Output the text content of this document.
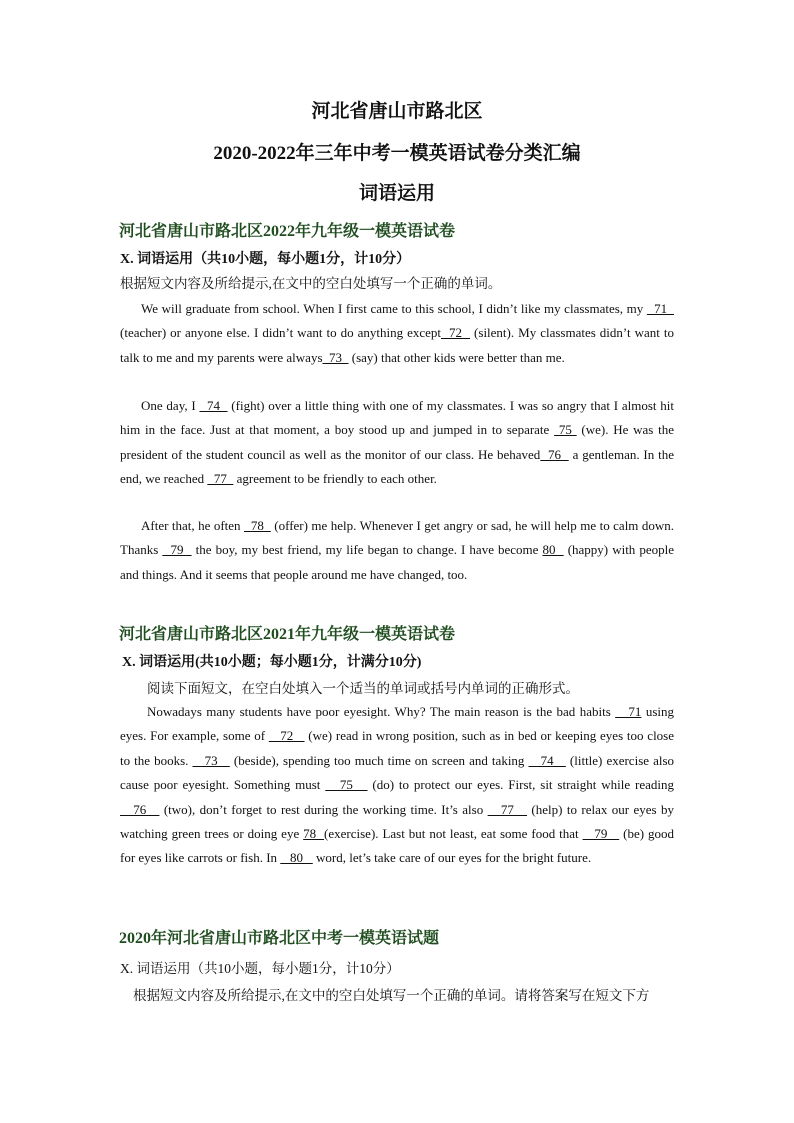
河北省唐山市路北区
2020-2022年三年中考一模英语试卷分类汇编
词语运用
河北省唐山市路北区2022年九年级一模英语试卷
X. 词语运用（共10小题，每小题1分，计10分）
根据短文内容及所给提示,在文中的空白处填写一个正确的单词。

We will graduate from school. When I first came to this school, I didn’t like my classmates, my   71   (teacher) or anyone else. I didn’t want to do anything except  72   (silent). My classmates didn’t want to talk to me and my parents were always  73   (say) that other kids were better than me.

One day, I   74   (fight) over a little thing with one of my classmates. I was so angry that I almost hit him in the face. Just at that moment, a boy stood up and jumped in to separate  75  (we). He was the president of the student council as well as the monitor of our class. He behaved  76   a gentleman. In the end, we reached   77   agreement to be friendly to each other.

After that, he often   78   (offer) me help. Whenever I get angry or sad, he will help me to calm down. Thanks   79   the boy, my best friend, my life began to change. I have become 80   (happy) with people and things. And it seems that people around me have changed, too.

河北省唐山市路北区2021年九年级一模英语试卷
X. 词语运用(共10小题；每小题1分，计满分10分)
阅读下面短文，在空白处填入一个适当的单词或括号内单词的正确形式。

Nowadays many students have poor eyesight. Why? The main reason is the bad habits    71 using eyes. For example, some of    72    (we) read in wrong position, such as in bed or keeping eyes too close to the books.    73    (beside), spending too much time on screen and taking    74    (little) exercise also cause poor eyesight. Something must    75    (do) to protect our eyes. First, sit straight while reading    76    (two), don’t forget to rest during the working time. It’s also    77    (help) to relax our eyes by watching green trees or doing eye 78  (exercise). Last but not least, eat some food that    79    (be) good for eyes like carrots or fish. In    80    word, let’s take care of our eyes for the bright future.

2020年河北省唐山市路北区中考一模英语试题
X. 词语运用（共10小题，每小题1分，计10分）
根据短文内容及所给提示,在文中的空白处填写一个正确的单词。请将答案写在短文下方
